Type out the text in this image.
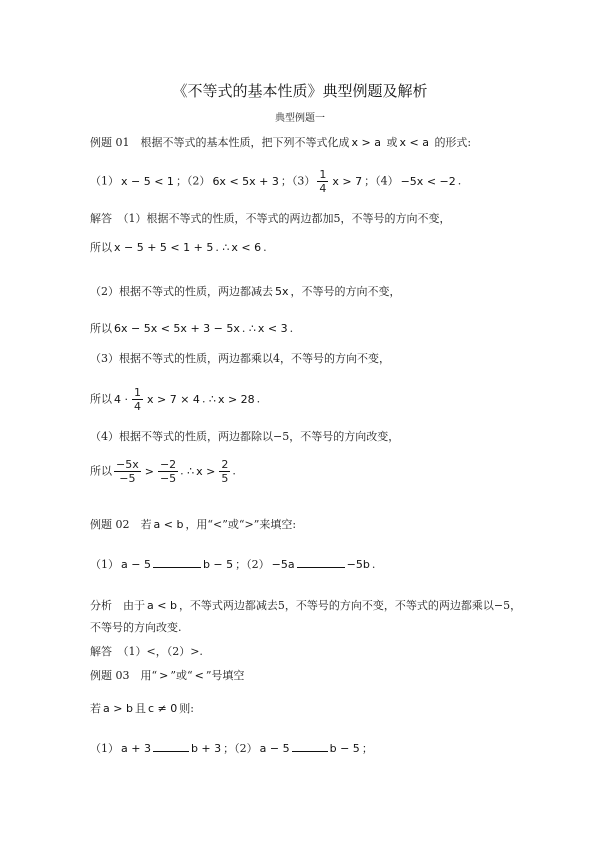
《不等式的基本性质》典型例题及解析
典型例题一
例题 01　根据不等式的基本性质，把下列不等式化成 x > a 或 x < a 的形式:
（1） x − 5 < 1 ；（2） 6x < 5x + 3 ；$(3) \frac{1}{4}$ x > 7 ；（4） −5x < −2 .
解答　（1）根据不等式的性质，不等式的两边都加5，不等号的方向不变，
所以 x − 5 + 5 < 1 + 5 . ∴ x < 6 .
（2）根据不等式的性质，两边都减去 5x ，不等号的方向不变，
所以 6x − 5x < 5x + 3 − 5x . ∴ x < 3 .
（3）根据不等式的性质，两边都乘以4，不等号的方向不变，
所以 $4 \cdot \frac{1}{4}$ x > 7 × 4 . ∴ x > 28 .
（4）根据不等式的性质，两边都除以−5，不等号的方向改变，
所以 $\frac{-5x}{-5} > \frac{-2}{-5}$ . ∴ $x > \frac{2}{5}$ .
例题 02　若 a < b ，用“<”或“>”来填空:
（1） a − 5	b − 5 ；（2） −5a	−5b .
分析　由于 a < b ，不等式两边都减去5，不等号的方向不变，不等式的两边都乘以−5，
不等号的方向改变.
解答　（1）<，（2）>.
例题 03　用“ > ”或“ < ”号填空
若 a > b 且 c ≠ 0 则:
（1） a + 3	b + 3 ；（2） a − 5	b − 5 ；
